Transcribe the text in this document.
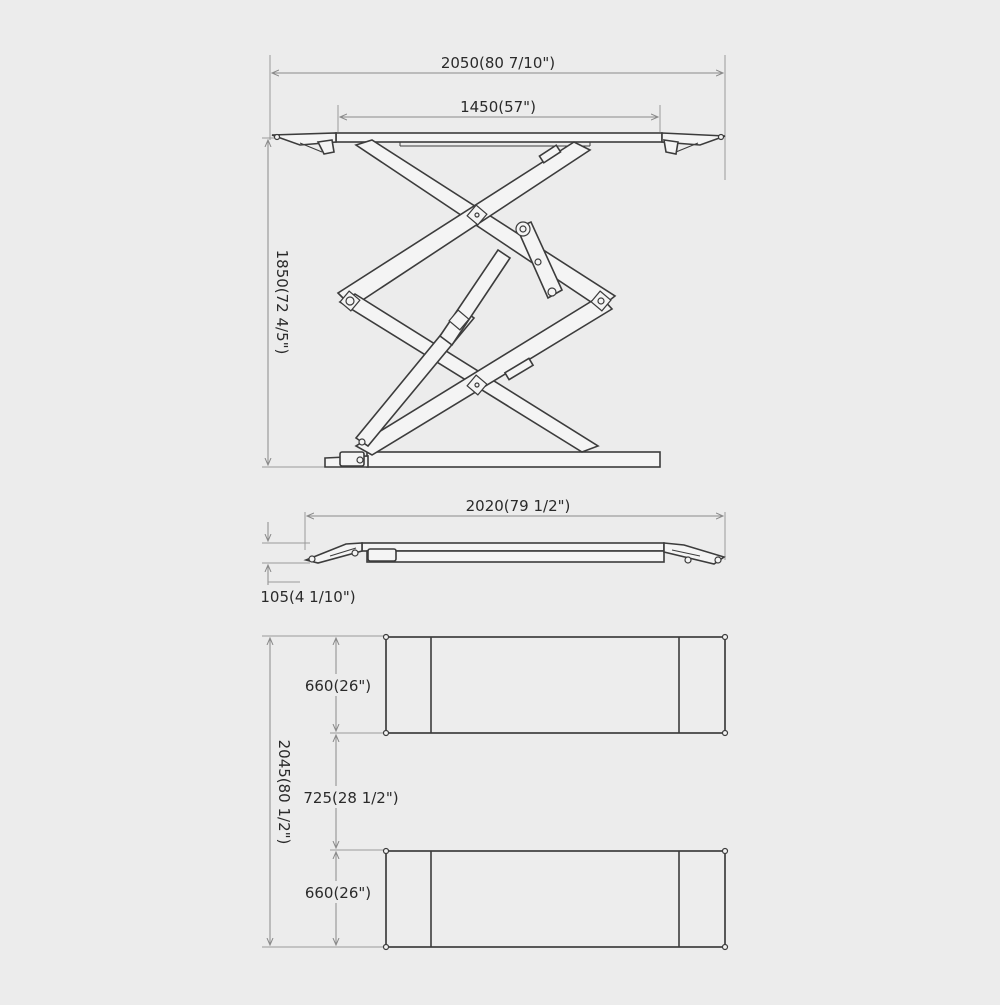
2050(80 7/10")
1450(57")
1850(72 4/5")
2020(79 1/2")
105(4 1/10")
2045(80 1/2")
660(26")
725(28 1/2")
660(26")
